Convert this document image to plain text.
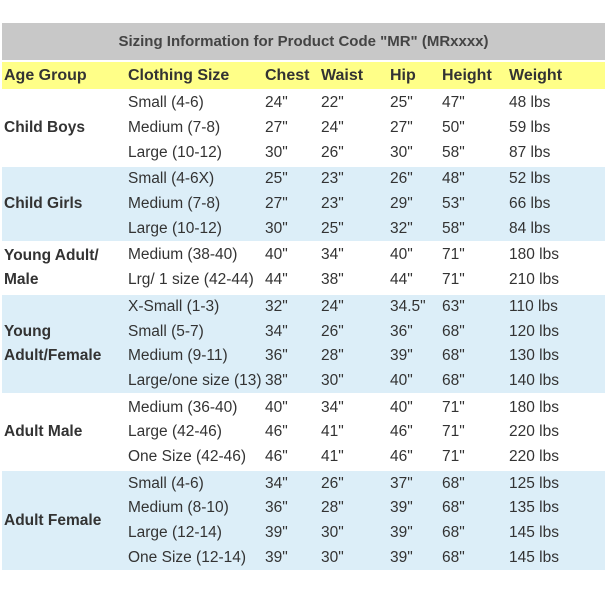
Sizing Information for Product Code "MR" (MRxxxx)
Age Group	Clothing Size	Chest	Waist	Hip	Height	Weight
Child Boys	Small (4-6)	24"	22"	25"	47"	48 lbs
	Medium (7-8)	27"	24"	27"	50"	59 lbs
	Large (10-12)	30"	26"	30"	58"	87 lbs
Child Girls	Small (4-6X)	25"	23"	26"	48"	52 lbs
	Medium (7-8)	27"	23"	29"	53"	66 lbs
	Large (10-12)	30"	25"	32"	58"	84 lbs
Young Adult/ Male	Medium (38-40)	40"	34"	40"	71"	180 lbs
	Lrg/ 1 size (42-44)	44"	38"	44"	71"	210 lbs
Young Adult/Female	X-Small (1-3)	32"	24"	34.5"	63"	110 lbs
	Small (5-7)	34"	26"	36"	68"	120 lbs
	Medium (9-11)	36"	28"	39"	68"	130 lbs
	Large/one size (13)	38"	30"	40"	68"	140 lbs
Adult Male	Medium (36-40)	40"	34"	40"	71"	180 lbs
	Large (42-46)	46"	41"	46"	71"	220 lbs
	One Size (42-46)	46"	41"	46"	71"	220 lbs
Adult Female	Small (4-6)	34"	26"	37"	68"	125 lbs
	Medium (8-10)	36"	28"	39"	68"	135 lbs
	Large (12-14)	39"	30"	39"	68"	145 lbs
	One Size (12-14)	39"	30"	39"	68"	145 lbs
